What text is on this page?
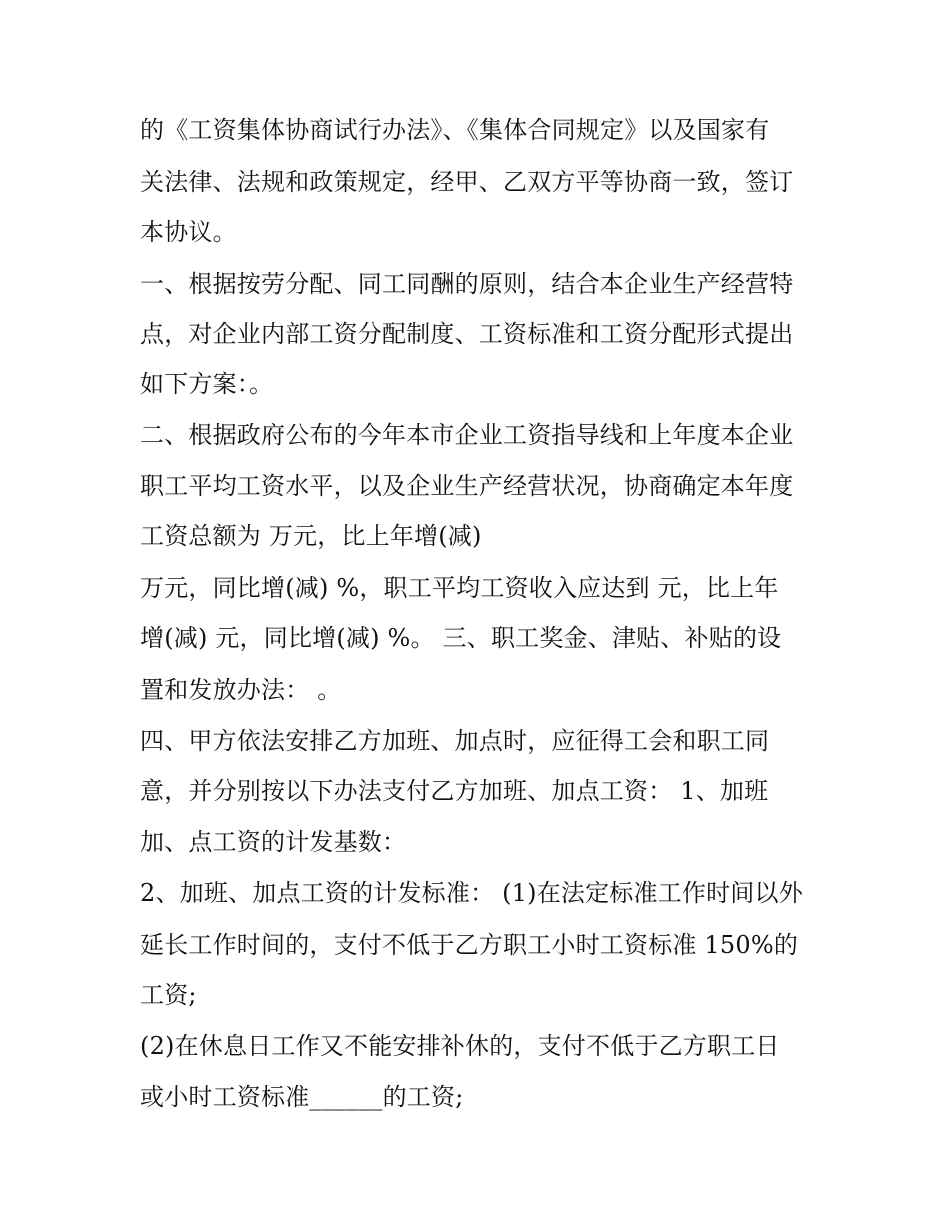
的《工资集体协商试行办法》、《集体合同规定》以及国家有
关法律、法规和政策规定，经甲、乙双方平等协商一致，签订
本协议。
一、根据按劳分配、同工同酬的原则，结合本企业生产经营特
点，对企业内部工资分配制度、工资标准和工资分配形式提出
如下方案：。
二、根据政府公布的今年本市企业工资指导线和上年度本企业
职工平均工资水平，以及企业生产经营状况，协商确定本年度
工资总额为 万元，比上年增(减)
万元，同比增(减) %，职工平均工资收入应达到 元，比上年
增(减) 元，同比增(减) %。 三、职工奖金、津贴、补贴的设
置和发放办法： 。
四、甲方依法安排乙方加班、加点时，应征得工会和职工同
意，并分别按以下办法支付乙方加班、加点工资： 1、加班
加、点工资的计发基数：
2、加班、加点工资的计发标准： (1)在法定标准工作时间以外
延长工作时间的，支付不低于乙方职工小时工资标准 150%的
工资;
(2)在休息日工作又不能安排补休的，支付不低于乙方职工日
或小时工资标准______的工资;
